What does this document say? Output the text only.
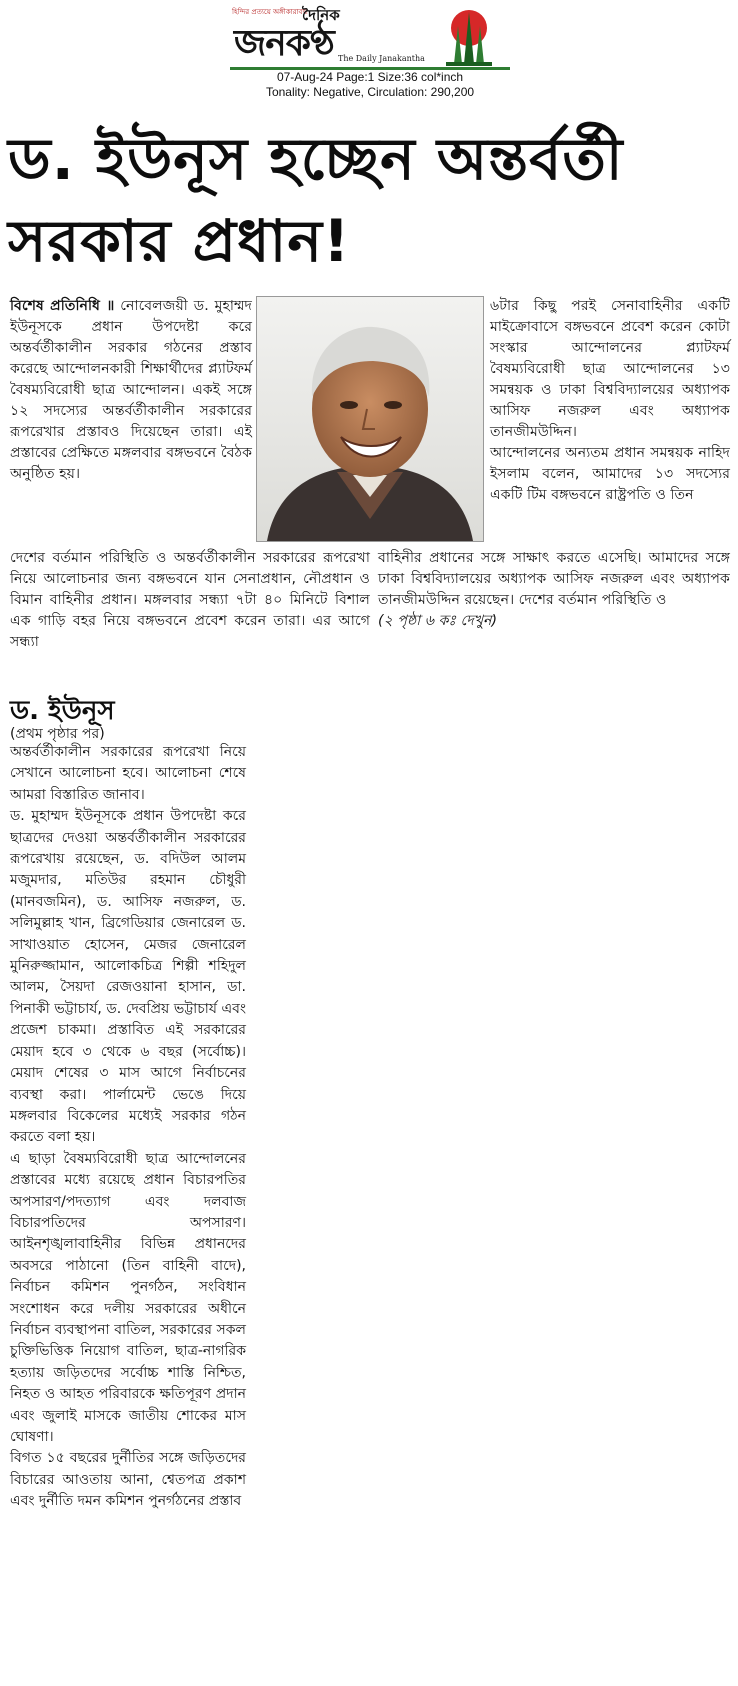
হিন্দির প্রত্যয়ে অঙ্গীকারাবদ্ধ
দৈনিক
জনকণ্ঠ The Daily Janakantha
07-Aug-24 Page:1 Size:36 col*inch
Tonality: Negative, Circulation: 290,200
ড. ইউনূস হচ্ছেন অন্তর্বর্তী
সরকার প্রধান!

বিশেষ প্রতিনিধি ॥ নোবেলজয়ী ড. মুহাম্মদ ইউনূসকে প্রধান উপদেষ্টা করে অন্তর্বর্তীকালীন সরকার গঠনের প্রস্তাব করেছে আন্দোলনকারী শিক্ষার্থীদের প্ল্যাটফর্ম বৈষম্যবিরোধী ছাত্র আন্দোলন। একই সঙ্গে ১২ সদস্যের অন্তর্বর্তীকালীন সরকারের রূপরেখার প্রস্তাবও দিয়েছেন তারা। এই প্রস্তাবের প্রেক্ষিতে মঙ্গলবার বঙ্গভবনে বৈঠক অনুষ্ঠিত হয়।

৬টার কিছু পরই সেনাবাহিনীর একটি মাইক্রোবাসে বঙ্গভবনে প্রবেশ করেন কোটা সংস্কার আন্দোলনের প্ল্যাটফর্ম বৈষম্যবিরোধী ছাত্র আন্দোলনের ১৩ সমন্বয়ক ও ঢাকা বিশ্ববিদ্যালয়ের অধ্যাপক আসিফ নজরুল এবং অধ্যাপক তানজীমউদ্দিন।

আন্দোলনের অন্যতম প্রধান সমন্বয়ক নাহিদ ইসলাম বলেন, আমাদের ১৩ সদস্যের একটি টিম বঙ্গভবনে রাষ্ট্রপতি ও তিন

দেশের বর্তমান পরিস্থিতি ও অন্তর্বর্তীকালীন সরকারের রূপরেখা নিয়ে আলোচনার জন্য বঙ্গভবনে যান সেনাপ্রধান, নৌপ্রধান ও বিমান বাহিনীর প্রধান। মঙ্গলবার সন্ধ্যা ৭টা ৪০ মিনিটে বিশাল এক গাড়ি বহর নিয়ে বঙ্গভবনে প্রবেশ করেন তারা। এর আগে সন্ধ্যা

বাহিনীর প্রধানের সঙ্গে সাক্ষাৎ করতে এসেছি। আমাদের সঙ্গে ঢাকা বিশ্ববিদ্যালয়ের অধ্যাপক আসিফ নজরুল এবং অধ্যাপক তানজীমউদ্দিন রয়েছেন। দেশের বর্তমান পরিস্থিতি ও

(২ পৃষ্ঠা ৬ কঃ দেখুন)

ড. ইউনূস
(প্রথম পৃষ্ঠার পর)

অন্তর্বর্তীকালীন সরকারের রূপরেখা নিয়ে সেখানে আলোচনা হবে। আলোচনা শেষে আমরা বিস্তারিত জানাব।

ড. মুহাম্মদ ইউনূসকে প্রধান উপদেষ্টা করে ছাত্রদের দেওয়া অন্তর্বর্তীকালীন সরকারের রূপরেখায় রয়েছেন, ড. বদিউল আলম মজুমদার, মতিউর রহমান চৌধুরী (মানবজমিন), ড. আসিফ নজরুল, ড. সলিমুল্লাহ খান, ব্রিগেডিয়ার জেনারেল ড. সাখাওয়াত হোসেন, মেজর জেনারেল মুনিরুজ্জামান, আলোকচিত্র শিল্পী শহিদুল আলম, সৈয়দা রেজওয়ানা হাসান, ডা. পিনাকী ভট্টাচার্য, ড. দেবপ্রিয় ভট্টাচার্য এবং প্রজেশ চাকমা। প্রস্তাবিত এই সরকারের মেয়াদ হবে ৩ থেকে ৬ বছর (সর্বোচ্চ)। মেয়াদ শেষের ৩ মাস আগে নির্বাচনের ব্যবস্থা করা। পার্লামেন্ট ভেঙে দিয়ে মঙ্গলবার বিকেলের মধ্যেই সরকার গঠন করতে বলা হয়।

এ ছাড়া বৈষম্যবিরোধী ছাত্র আন্দোলনের প্রস্তাবের মধ্যে রয়েছে প্রধান বিচারপতির অপসারণ/পদত্যাগ এবং দলবাজ বিচারপতিদের অপসারণ। আইনশৃঙ্খলাবাহিনীর বিভিন্ন প্রধানদের অবসরে পাঠানো (তিন বাহিনী বাদে), নির্বাচন কমিশন পুনর্গঠন, সংবিধান সংশোধন করে দলীয় সরকারের অধীনে নির্বাচন ব্যবস্থাপনা বাতিল, সরকারের সকল চুক্তিভিত্তিক নিয়োগ বাতিল, ছাত্র-নাগরিক হত্যায় জড়িতদের সর্বোচ্চ শাস্তি নিশ্চিত, নিহত ও আহত পরিবারকে ক্ষতিপূরণ প্রদান এবং জুলাই মাসকে জাতীয় শোকের মাস ঘোষণা।

বিগত ১৫ বছরের দুর্নীতির সঙ্গে জড়িতদের বিচারের আওতায় আনা, শ্বেতপত্র প্রকাশ এবং দুর্নীতি দমন কমিশন পুনর্গঠনের প্রস্তাব
